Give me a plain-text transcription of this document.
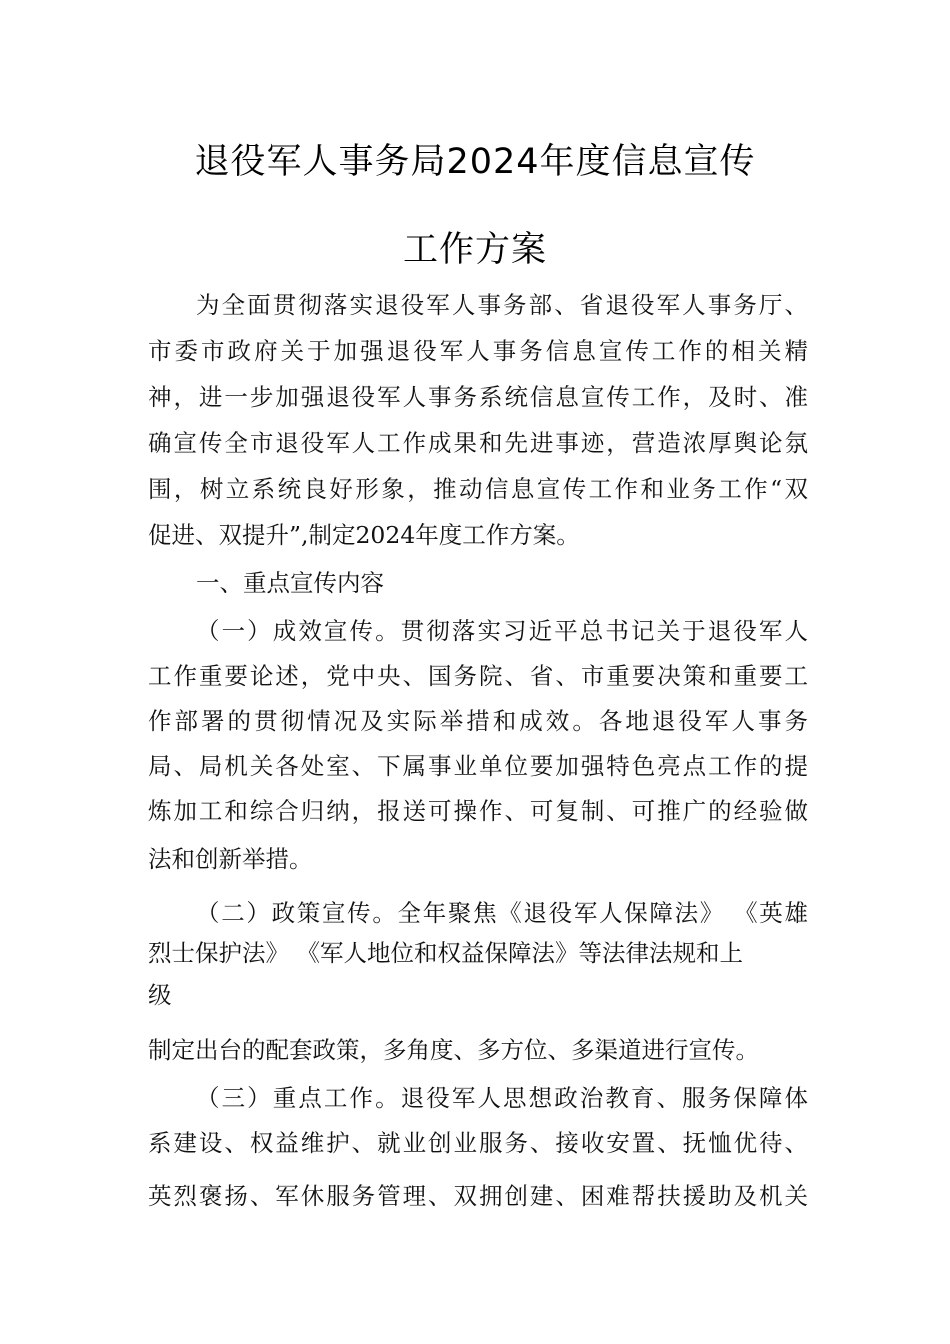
退役军人事务局2024年度信息宣传
工作方案
为全面贯彻落实退役军人事务部、省退役军人事务厅、
市委市政府关于加强退役军人事务信息宣传工作的相关精
神，进一步加强退役军人事务系统信息宣传工作，及时、准
确宣传全市退役军人工作成果和先进事迹，营造浓厚舆论氛
围，树立系统良好形象，推动信息宣传工作和业务工作“双
促进、双提升”,制定2024年度工作方案。
一、重点宣传内容
（一）成效宣传。贯彻落实习近平总书记关于退役军人
工作重要论述，党中央、国务院、省、市重要决策和重要工
作部署的贯彻情况及实际举措和成效。各地退役军人事务
局、局机关各处室、下属事业单位要加强特色亮点工作的提
炼加工和综合归纳，报送可操作、可复制、可推广的经验做
法和创新举措。
（二）政策宣传。全年聚焦《退役军人保障法》 《英雄
烈士保护法》 《军人地位和权益保障法》等法律法规和上
级
制定出台的配套政策，多角度、多方位、多渠道进行宣传。
（三）重点工作。退役军人思想政治教育、服务保障体
系建设、权益维护、就业创业服务、接收安置、抚恤优待、
英烈褒扬、军休服务管理、双拥创建、困难帮扶援助及机关
